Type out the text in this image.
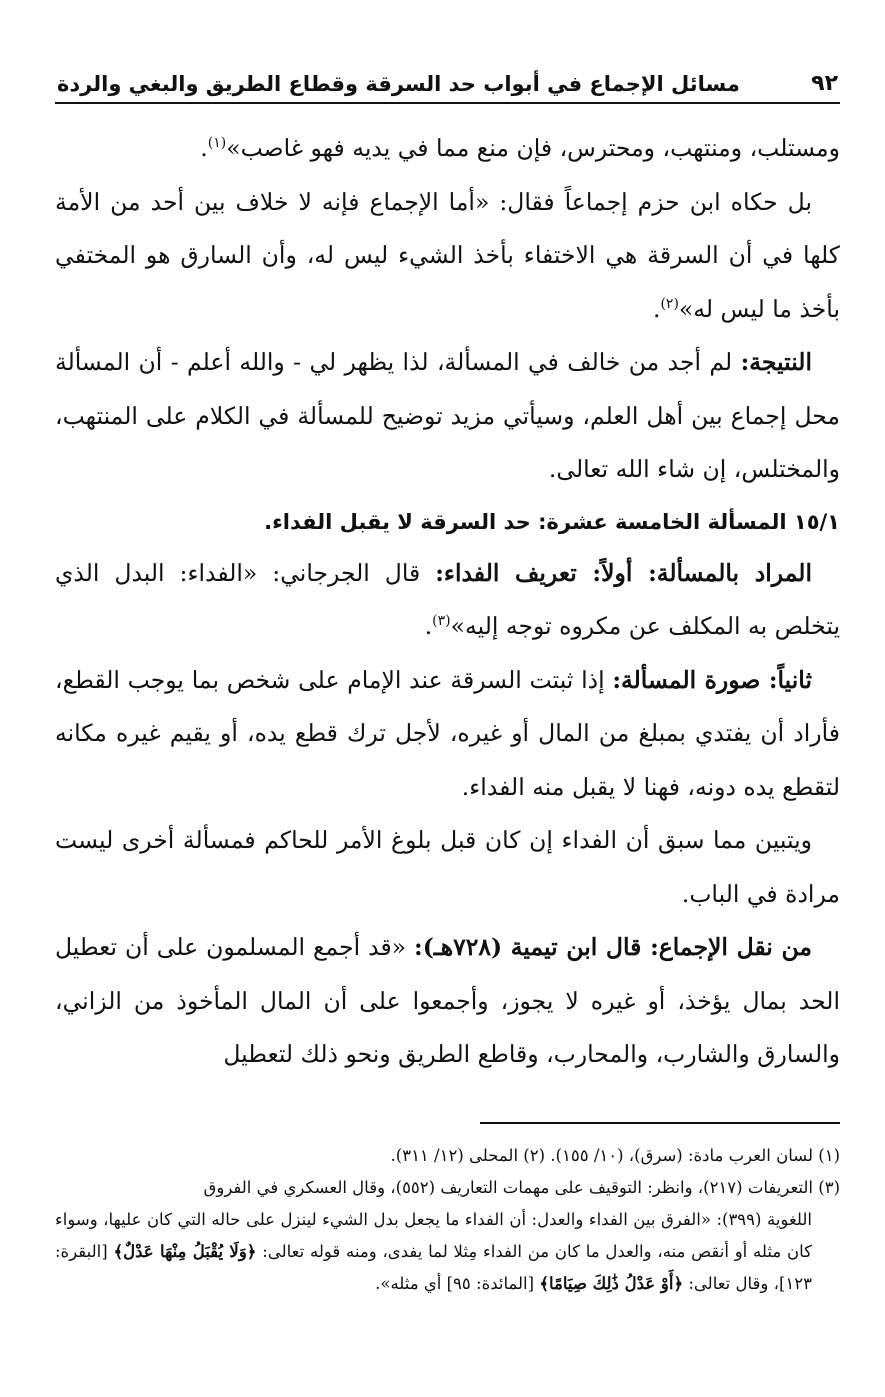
٩٢
مسائل الإجماع في أبواب حد السرقة وقطاع الطريق والبغي والردة

ومستلب، ومنتهب، ومحترس، فإن منع مما في يديه فهو غاصب»$^{(١)}$.

بل حكاه ابن حزم إجماعاً فقال: «أما الإجماع فإنه لا خلاف بين أحد من الأمة كلها في أن السرقة هي الاختفاء بأخذ الشيء ليس له، وأن السارق هو المختفي بأخذ ما ليس له»$^{(٢)}$.

النتيجة: لم أجد من خالف في المسألة، لذا يظهر لي - والله أعلم - أن المسألة محل إجماع بين أهل العلم، وسيأتي مزيد توضيح للمسألة في الكلام على المنتهب، والمختلس، إن شاء الله تعالى.

١٥/١ المسألة الخامسة عشرة: حد السرقة لا يقبل الفداء.

المراد بالمسألة: أولاً: تعريف الفداء: قال الجرجاني: «الفداء: البدل الذي يتخلص به المكلف عن مكروه توجه إليه»$^{(٣)}$.

ثانياً: صورة المسألة: إذا ثبتت السرقة عند الإمام على شخص بما يوجب القطع، فأراد أن يفتدي بمبلغ من المال أو غيره، لأجل ترك قطع يده، أو يقيم غيره مكانه لتقطع يده دونه، فهنا لا يقبل منه الفداء.

ويتبين مما سبق أن الفداء إن كان قبل بلوغ الأمر للحاكم فمسألة أخرى ليست مرادة في الباب.

من نقل الإجماع: قال ابن تيمية (٧٢٨هـ): «قد أجمع المسلمون على أن تعطيل الحد بمال يؤخذ، أو غيره لا يجوز، وأجمعوا على أن المال المأخوذ من الزاني، والسارق والشارب، والمحارب، وقاطع الطريق ونحو ذلك لتعطيل

(١) لسان العرب مادة: (سرق)، (١٠/ ١٥٥). (٢) المحلى (١٢/ ٣١١).

(٣) التعريفات (٢١٧)، وانظر: التوقيف على مهمات التعاريف (٥٥٢)، وقال العسكري في الفروق

اللغوية (٣٩٩): «الفرق بين الفداء والعدل: أن الفداء ما يجعل بدل الشيء لينزل على حاله التي كان عليها، وسواء كان مثله أو أنقص منه، والعدل ما كان من الفداء مِثلا لما يفدى، ومنه قوله تعالى: ﴿وَلَا يُقْبَلُ مِنْهَا عَدْلٌ﴾ [البقرة: ١٢٣]، وقال تعالى: ﴿أَوْ عَدْلُ ذَٰلِكَ صِيَامًا﴾ [المائدة: ٩٥] أي مثله».
